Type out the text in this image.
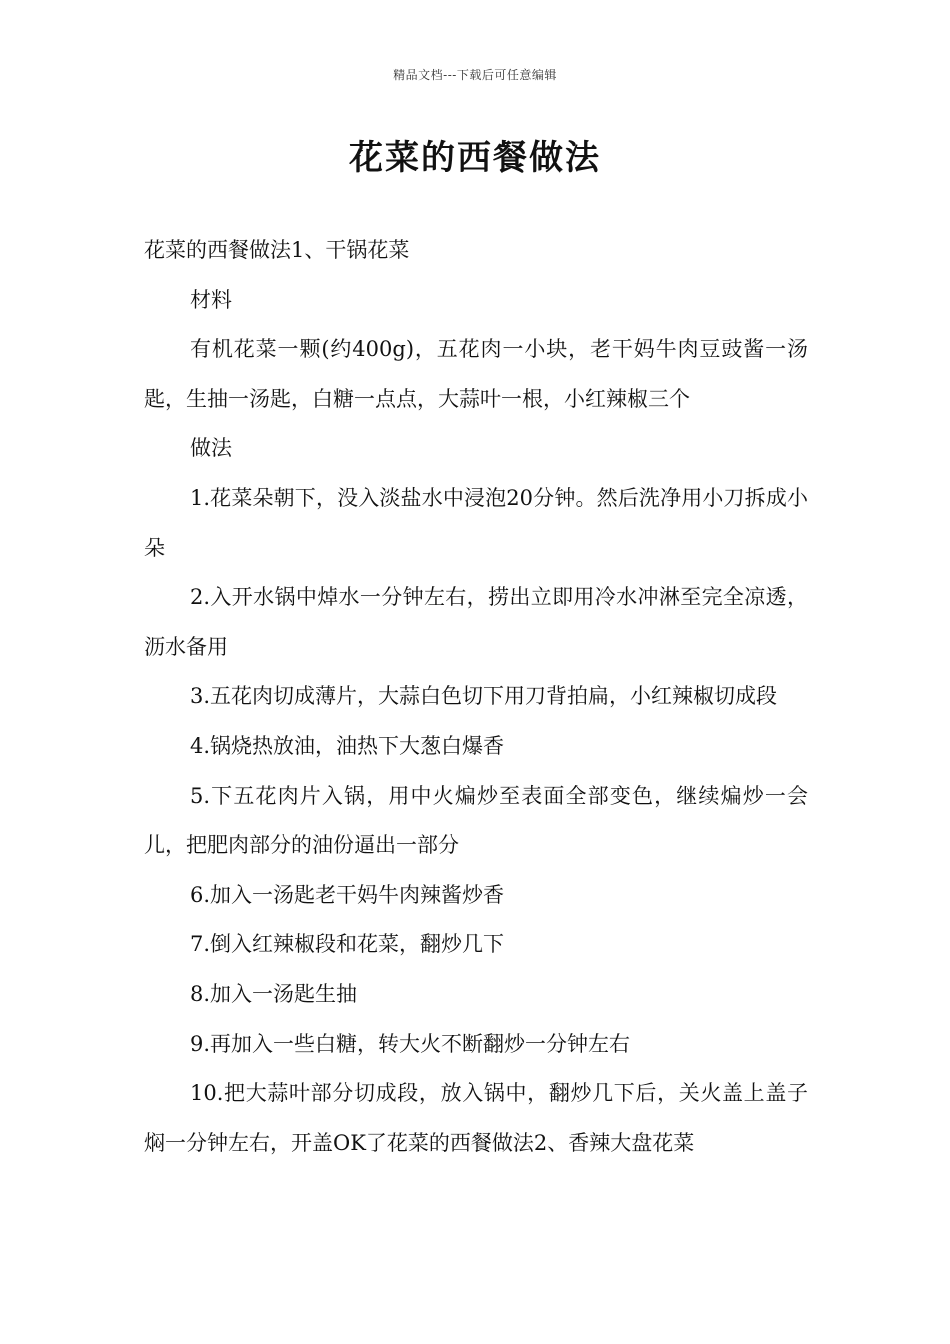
精品文档---下载后可任意编辑
花菜的西餐做法

花菜的西餐做法1、干锅花菜

材料

有机花菜一颗(约400g)，五花肉一小块，老干妈牛肉豆豉酱一汤匙，生抽一汤匙，白糖一点点，大蒜叶一根，小红辣椒三个

做法

1.花菜朵朝下，没入淡盐水中浸泡20分钟。然后洗净用小刀拆成小朵

2.入开水锅中焯水一分钟左右，捞出立即用冷水冲淋至完全凉透，沥水备用

3.五花肉切成薄片，大蒜白色切下用刀背拍扁，小红辣椒切成段

4.锅烧热放油，油热下大葱白爆香

5.下五花肉片入锅，用中火煸炒至表面全部变色，继续煸炒一会儿，把肥肉部分的油份逼出一部分

6.加入一汤匙老干妈牛肉辣酱炒香

7.倒入红辣椒段和花菜，翻炒几下

8.加入一汤匙生抽

9.再加入一些白糖，转大火不断翻炒一分钟左右

10.把大蒜叶部分切成段，放入锅中，翻炒几下后，关火盖上盖子焖一分钟左右，开盖OK了花菜的西餐做法2、香辣大盘花菜
